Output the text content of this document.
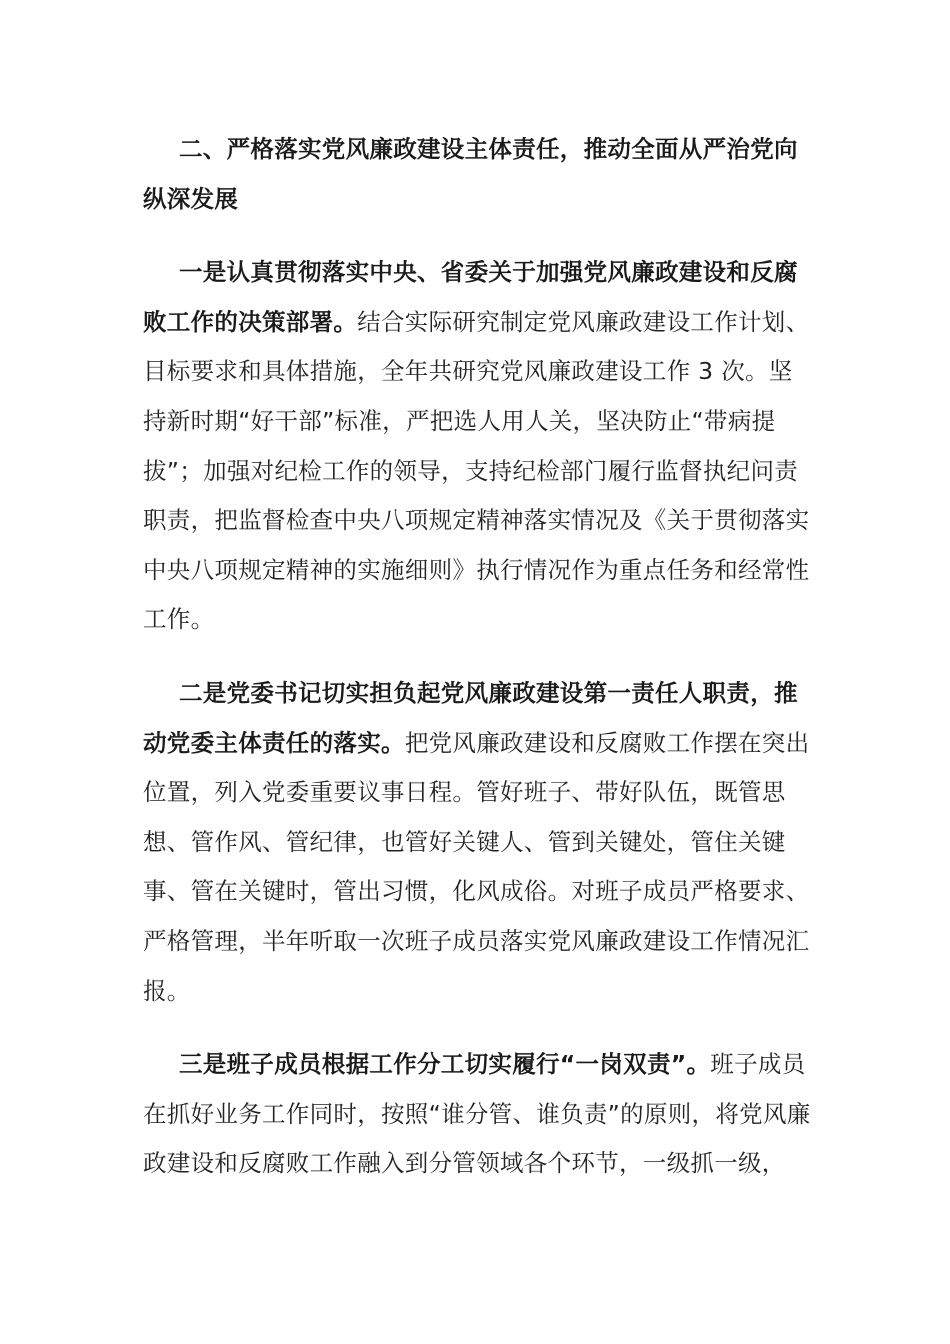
二、严格落实党风廉政建设主体责任，推动全面从严治党向纵深发展

一是认真贯彻落实中央、省委关于加强党风廉政建设和反腐败工作的决策部署。结合实际研究制定党风廉政建设工作计划、目标要求和具体措施，全年共研究党风廉政建设工作 3 次。坚持新时期“好干部”标准，严把选人用人关，坚决防止“带病提拔”；加强对纪检工作的领导，支持纪检部门履行监督执纪问责职责，把监督检查中央八项规定精神落实情况及《关于贯彻落实中央八项规定精神的实施细则》执行情况作为重点任务和经常性工作。

二是党委书记切实担负起党风廉政建设第一责任人职责，推动党委主体责任的落实。把党风廉政建设和反腐败工作摆在突出位置，列入党委重要议事日程。管好班子、带好队伍，既管思想、管作风、管纪律，也管好关键人、管到关键处，管住关键事、管在关键时，管出习惯，化风成俗。对班子成员严格要求、严格管理，半年听取一次班子成员落实党风廉政建设工作情况汇报。

三是班子成员根据工作分工切实履行“一岗双责”。班子成员在抓好业务工作同时，按照“谁分管、谁负责”的原则，将党风廉政建设和反腐败工作融入到分管领域各个环节，一级抓一级，
